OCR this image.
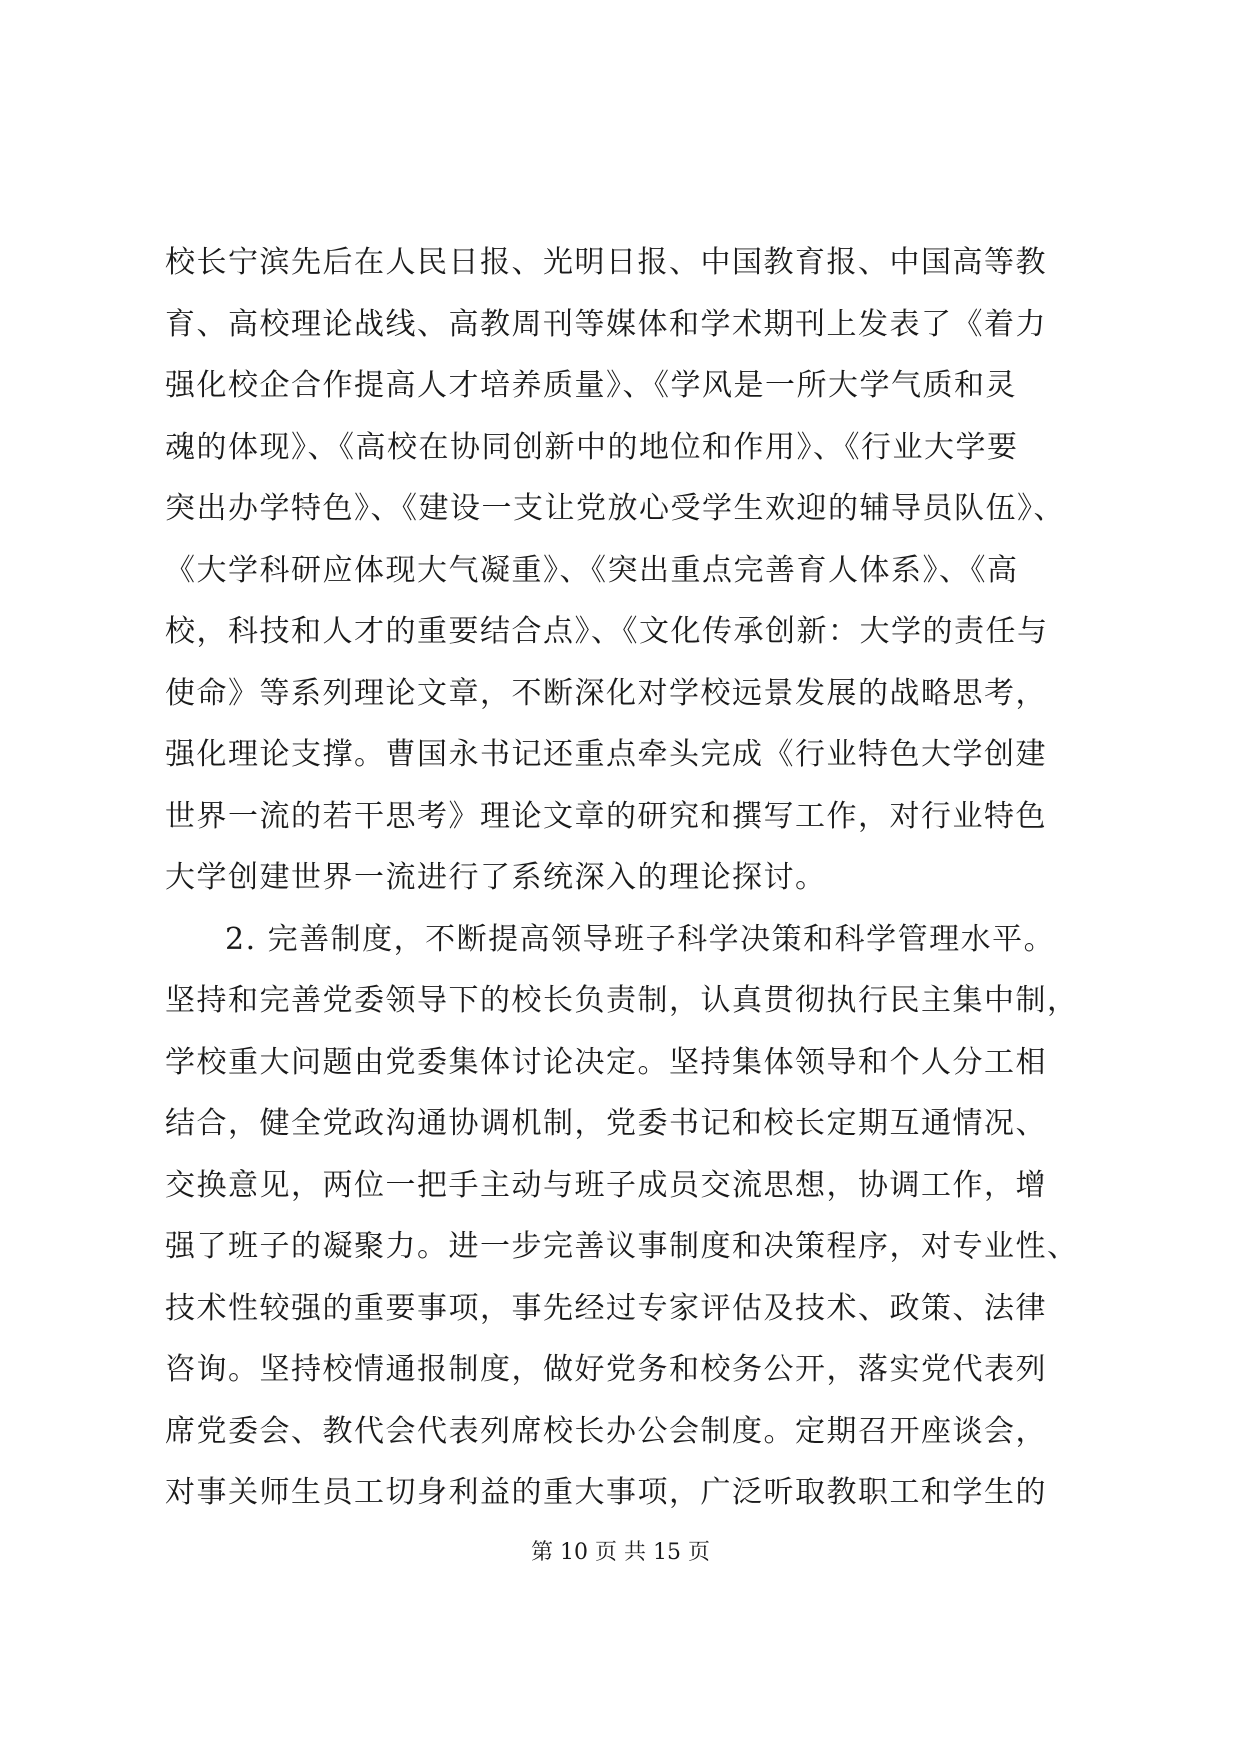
校长宁滨先后在人民日报、光明日报、中国教育报、中国高等教
育、高校理论战线、高教周刊等媒体和学术期刊上发表了《着力
强化校企合作提高人才培养质量》、《学风是一所大学气质和灵
魂的体现》、《高校在协同创新中的地位和作用》、《行业大学要
突出办学特色》、《建设一支让党放心受学生欢迎的辅导员队伍》、
《大学科研应体现大气凝重》、《突出重点完善育人体系》、《高
校，科技和人才的重要结合点》、《文化传承创新：大学的责任与
使命》等系列理论文章，不断深化对学校远景发展的战略思考，
强化理论支撑。曹国永书记还重点牵头完成《行业特色大学创建
世界一流的若干思考》理论文章的研究和撰写工作，对行业特色
大学创建世界一流进行了系统深入的理论探讨。
2. 完善制度，不断提高领导班子科学决策和科学管理水平。
坚持和完善党委领导下的校长负责制，认真贯彻执行民主集中制，
学校重大问题由党委集体讨论决定。坚持集体领导和个人分工相
结合，健全党政沟通协调机制，党委书记和校长定期互通情况、
交换意见，两位一把手主动与班子成员交流思想，协调工作，增
强了班子的凝聚力。进一步完善议事制度和决策程序，对专业性、
技术性较强的重要事项，事先经过专家评估及技术、政策、法律
咨询。坚持校情通报制度，做好党务和校务公开，落实党代表列
席党委会、教代会代表列席校长办公会制度。定期召开座谈会，
对事关师生员工切身利益的重大事项，广泛听取教职工和学生的
第 10 页 共 15 页
